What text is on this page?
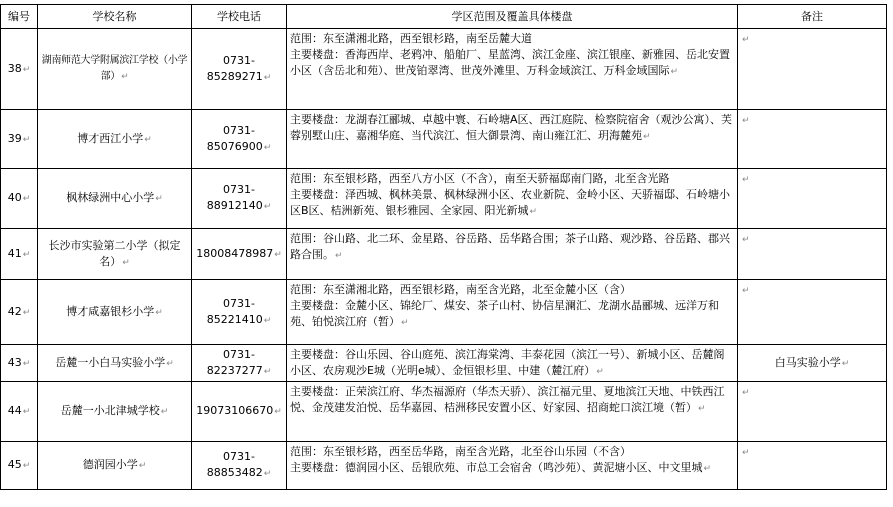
编号	学校名称	学校电话	学区范围及覆盖具体楼盘	备注
38↵	湖南师范大学附属滨江学校（小学部）↵	0731-85289271↵	范围：东至潇湘北路，西至银杉路，南至岳麓大道
主要楼盘：香海西岸、老鸦冲、船舶厂、星蓝湾、滨江金座、滨江银座、新雅园、岳北安置小区（含岳北和苑）、世茂铂翠湾、世茂外滩里、万科金域滨江、万科金域国际↵	↵
39↵	博才西江小学↵	0731-85076900↵	主要楼盘：龙湖春江郦城、卓越中寰、石岭塘A区、西江庭院、检察院宿舍（观沙公寓）、芙蓉别墅山庄、嘉湘华庭、当代滨江、恒大御景湾、南山雍江汇、玥海麓苑↵	↵
40↵	枫林绿洲中心小学↵	0731-88912140↵	范围：东至银杉路，西至八方小区（不含），南至天骄福邸南门路，北至含光路
主要楼盘：泽西城、枫林美景、枫林绿洲小区、农业新院、金岭小区、天骄福邸、石岭塘小区B区、桔洲新苑、银杉雅园、全家园、阳光新城↵	↵
41↵	长沙市实验第二小学（拟定名）↵	18008478987↵	范围：谷山路、北二环、金星路、谷岳路、岳华路合围；茶子山路、观沙路、谷岳路、郡兴路合围。↵	↵
42↵	博才咸嘉银杉小学↵	0731-85221410↵	范围：东至潇湘北路，西至银杉路，南至含光路，北至金麓小区（含）
主要楼盘：金麓小区、锦纶厂、煤安、茶子山村、协信星澜汇、龙湖水晶郦城、远洋万和苑、铂悦滨江府（暂）↵	↵
43↵	岳麓一小白马实验小学↵	0731-82237277↵	主要楼盘：谷山乐园、谷山庭苑、滨江海棠湾、丰泰花园（滨江一号）、新城小区、岳麓阁小区、农房观沙E城（光明e城）、金恒银杉里、中建（麓江府）↵	白马实验小学↵
44↵	岳麓一小北津城学校↵	19073106670↵	主要楼盘：正荣滨江府、华杰福源府（华杰天骄）、滨江福元里、夏地滨江天地、中铁西江悦、金茂建发泊悦、岳华嘉园、桔洲移民安置小区、好家园、招商蛇口滨江境（暂）↵	↵
45↵	德润园小学↵	0731-88853482↵	范围：东至银杉路，西至岳华路，南至含光路，北至谷山乐园（不含）
主要楼盘：德润园小区、岳银欣苑、市总工会宿舍（鸣沙苑）、黄泥塘小区、中文里城↵	↵
